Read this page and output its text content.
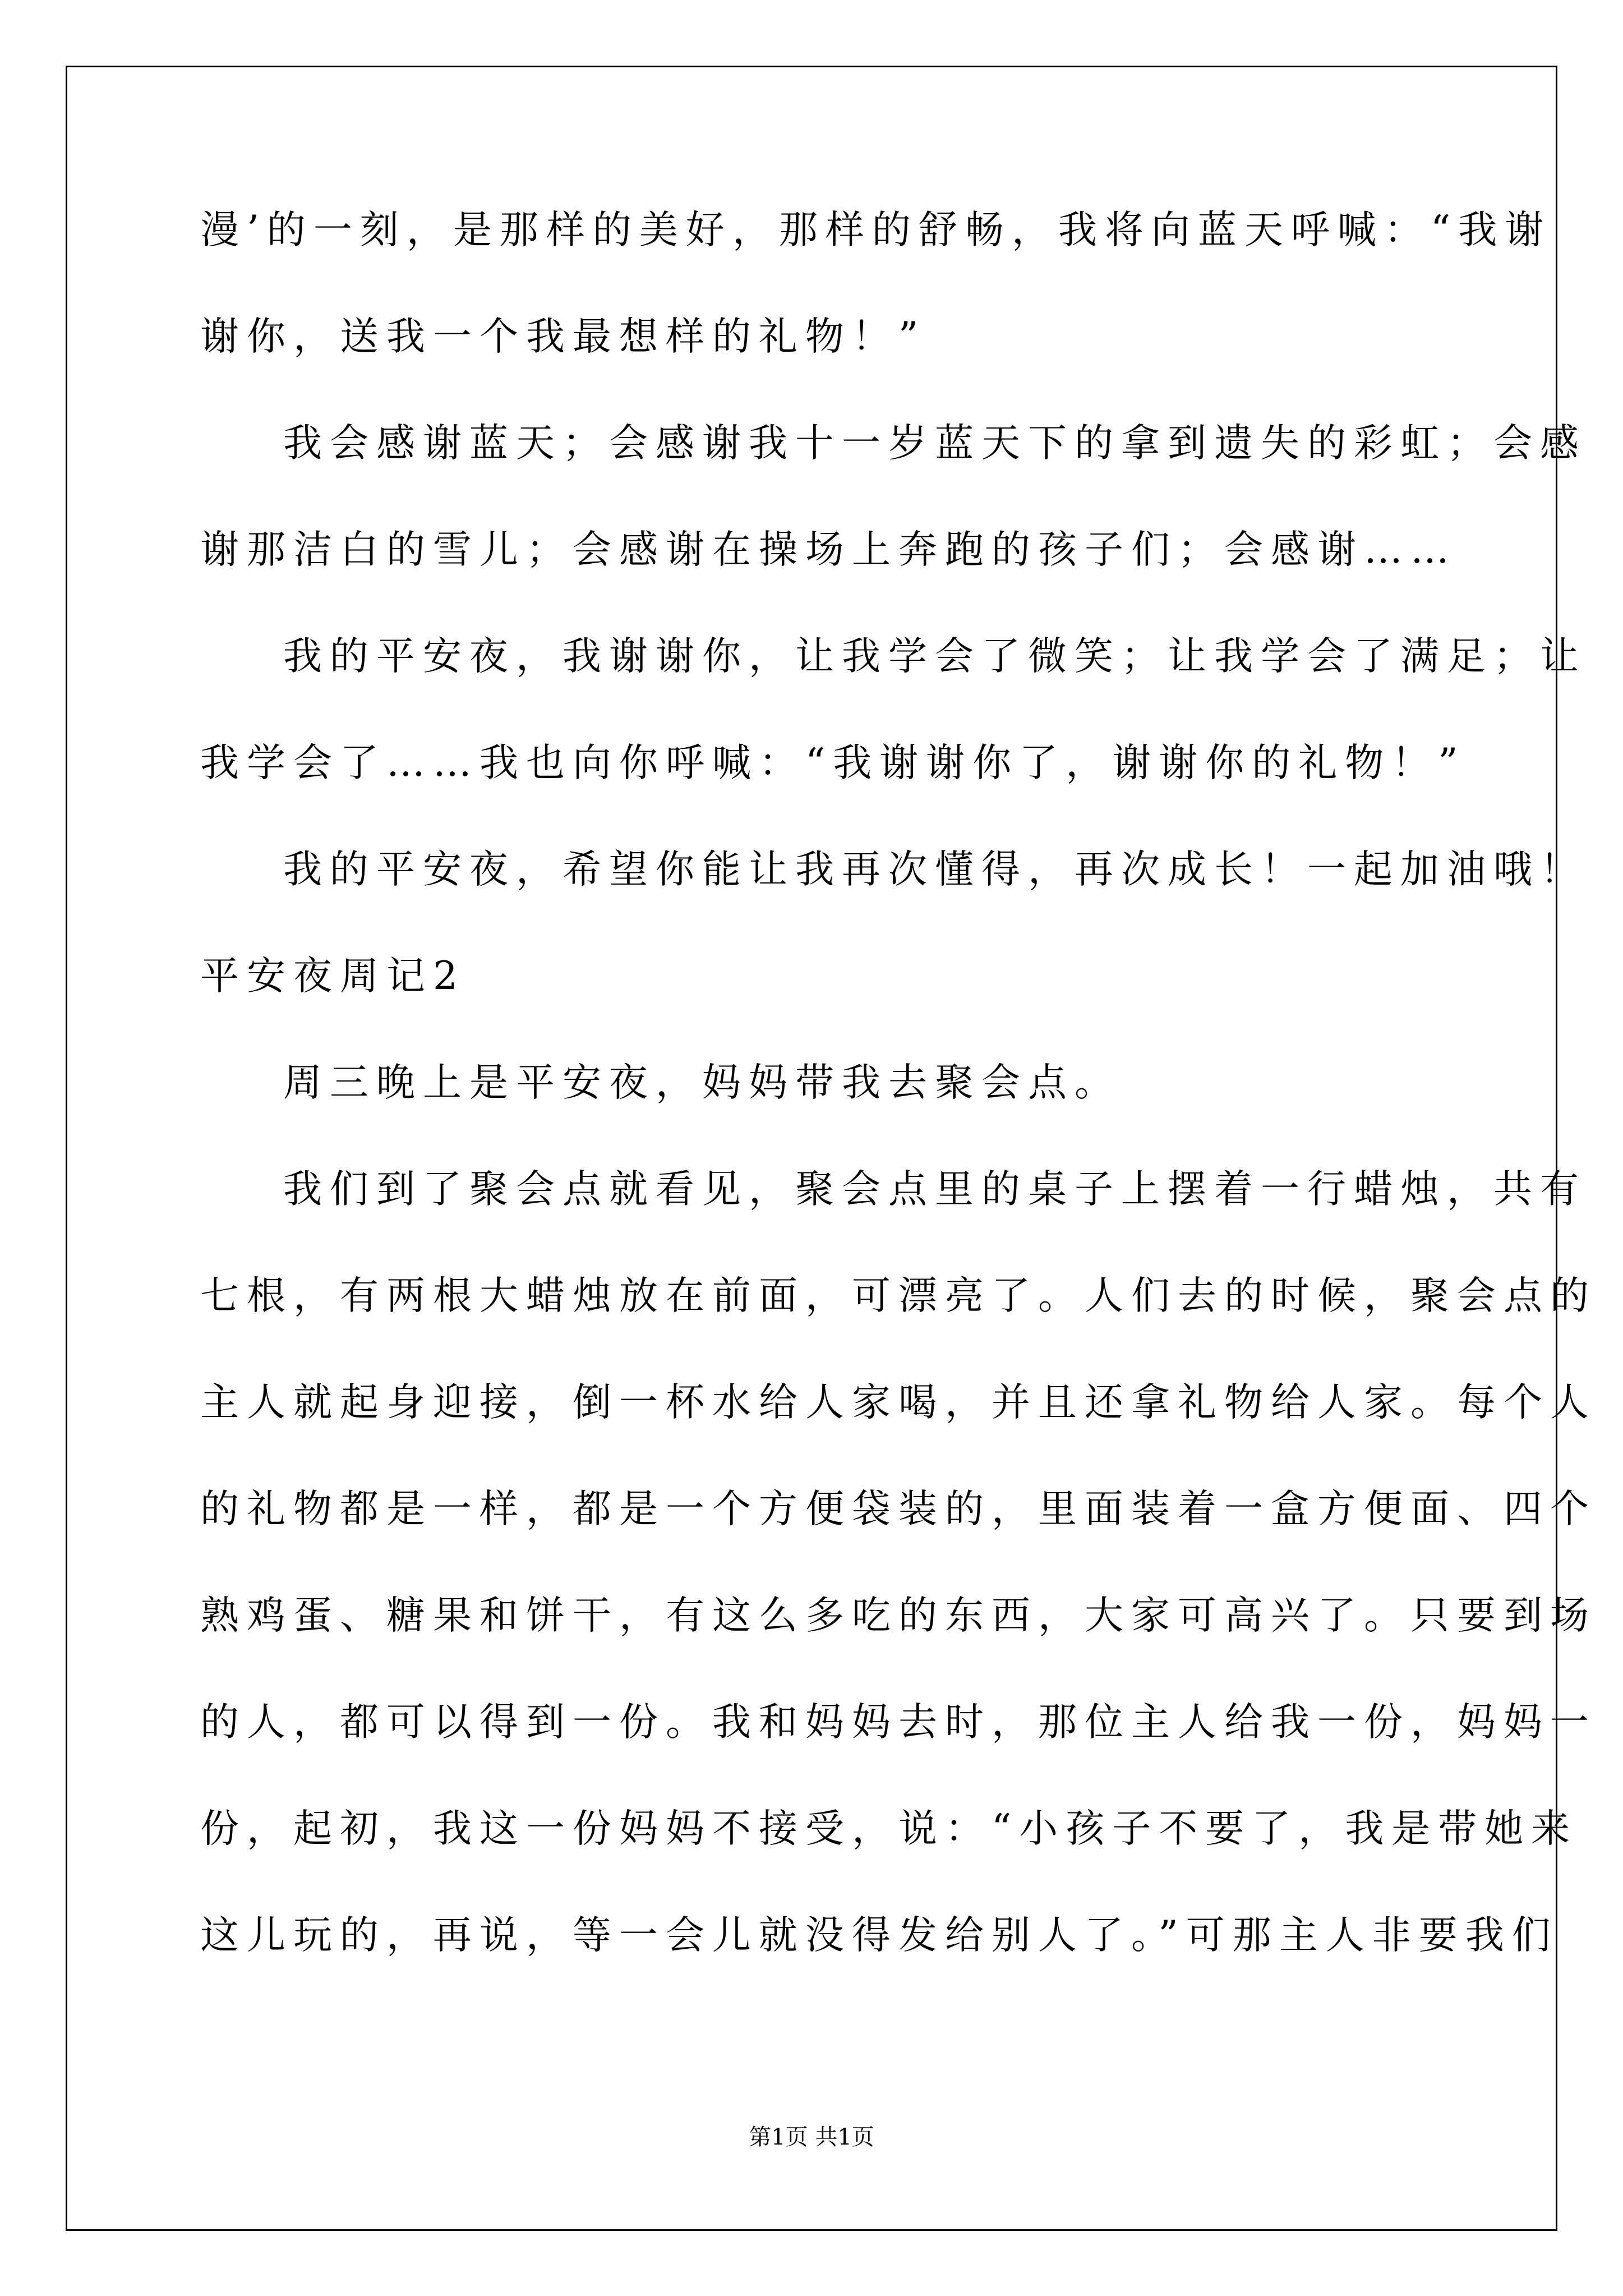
漫’的一刻，是那样的美好，那样的舒畅，我将向蓝天呼喊：“我谢
谢你，送我一个我最想样的礼物！”
我会感谢蓝天；会感谢我十一岁蓝天下的拿到遗失的彩虹；会感
谢那洁白的雪儿；会感谢在操场上奔跑的孩子们；会感谢……
我的平安夜，我谢谢你，让我学会了微笑；让我学会了满足；让
我学会了……我也向你呼喊：“我谢谢你了，谢谢你的礼物！”
我的平安夜，希望你能让我再次懂得，再次成长！一起加油哦！
平安夜周记2
周三晚上是平安夜，妈妈带我去聚会点。
我们到了聚会点就看见，聚会点里的桌子上摆着一行蜡烛，共有
七根，有两根大蜡烛放在前面，可漂亮了。人们去的时候，聚会点的
主人就起身迎接，倒一杯水给人家喝，并且还拿礼物给人家。每个人
的礼物都是一样，都是一个方便袋装的，里面装着一盒方便面、四个
熟鸡蛋、糖果和饼干，有这么多吃的东西，大家可高兴了。只要到场
的人，都可以得到一份。我和妈妈去时，那位主人给我一份，妈妈一
份，起初，我这一份妈妈不接受，说：“小孩子不要了，我是带她来
这儿玩的，再说，等一会儿就没得发给别人了。”可那主人非要我们
第1页 共1页
